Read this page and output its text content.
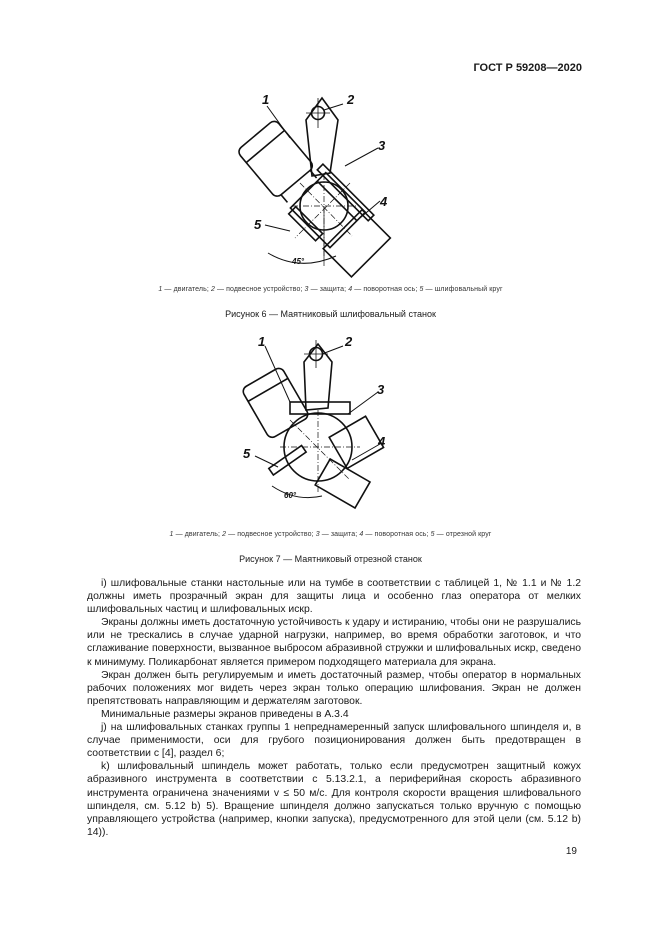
ГОСТ Р 59208—2020
1	2
3
4
5
45°
1 — двигатель; 2 — подвесное устройство; 3 — защита; 4 — поворотная ось; 5 — шлифовальный круг
Рисунок 6 — Маятниковый шлифовальный станок
1	2
3
4
5
60°
1 — двигатель; 2 — подвесное устройство; 3 — защита; 4 — поворотная ось; 5 — отрезной круг
Рисунок 7 — Маятниковый отрезной станок

i) шлифовальные станки настольные или на тумбе в соответствии с таблицей 1, № 1.1 и № 1.2 должны иметь прозрачный экран для защиты лица и особенно глаз оператора от мелких шлифовальных частиц и шлифовальных искр.

Экраны должны иметь достаточную устойчивость к удару и истиранию, чтобы они не разрушались или не трескались в случае ударной нагрузки, например, во время обработки заготовок, и что сглаживание поверхности, вызванное выбросом абразивной стружки и шлифовальных искр, сведено к минимуму. Поликарбонат является примером подходящего материала для экрана.

Экран должен быть регулируемым и иметь достаточный размер, чтобы оператор в нормальных рабочих положениях мог видеть через экран только операцию шлифования. Экран не должен препятствовать направляющим и держателям заготовок.

Минимальные размеры экранов приведены в А.3.4

j) на шлифовальных станках группы 1 непреднамеренный запуск шлифовального шпинделя и, в случае применимости, оси для грубого позиционирования должен быть предотвращен в соответствии с [4], раздел 6;

k) шлифовальный шпиндель может работать, только если предусмотрен защитный кожух абразивного инструмента в соответствии с 5.13.2.1, а периферийная скорость абразивного инструмента ограничена значениями v ≤ 50 м/с. Для контроля скорости вращения шлифовального шпинделя, см. 5.12 b) 5). Вращение шпинделя должно запускаться только вручную с помощью управляющего устройства (например, кнопки запуска), предусмотренного для этой цели (см. 5.12 b) 14)).

19
